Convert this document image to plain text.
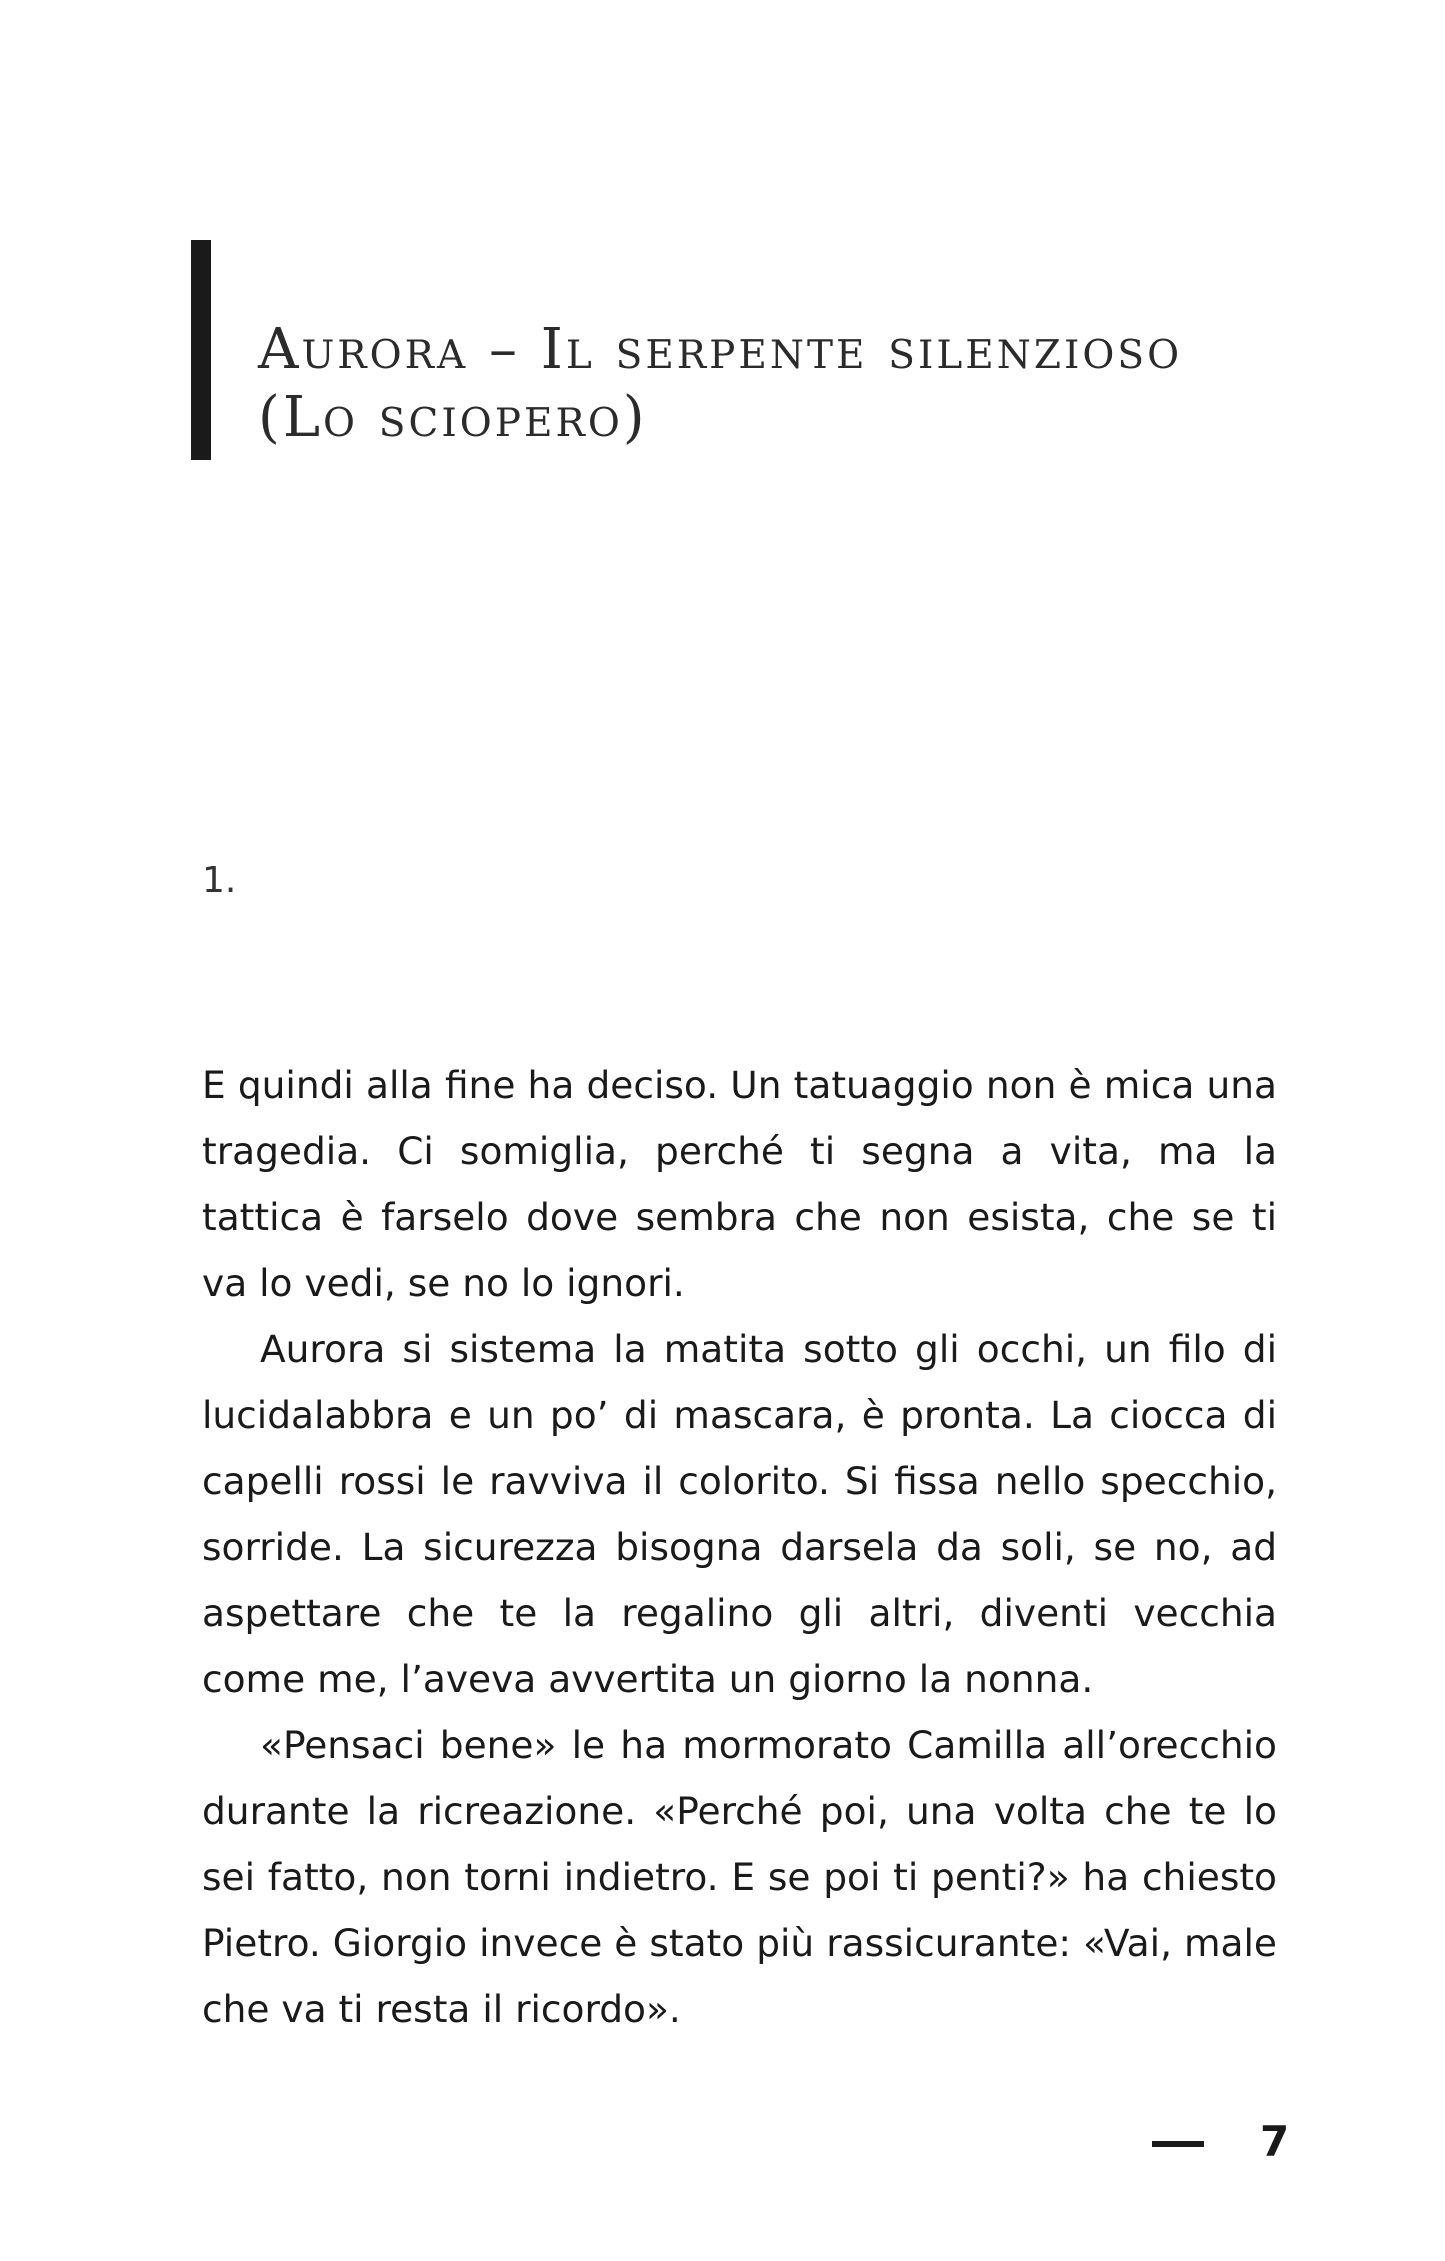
Aurora – Il serpente silenzioso (Lo sciopero)

1.

E quindi alla fine ha deciso. Un tatuaggio non è mica una tragedia. Ci somiglia, perché ti segna a vita, ma la tattica è farselo dove sembra che non esista, che se ti va lo vedi, se no lo ignori.

Aurora si sistema la matita sotto gli occhi, un filo di lucidalabbra e un po’ di mascara, è pronta. La ciocca di capelli rossi le ravviva il colorito. Si fissa nello specchio, sorride. La sicurezza bisogna darsela da soli, se no, ad aspettare che te la regalino gli altri, diventi vecchia come me, l’aveva avvertita un giorno la nonna.

«Pensaci bene» le ha mormorato Camilla all’orecchio durante la ricreazione. «Perché poi, una volta che te lo sei fatto, non torni indietro. E se poi ti penti?» ha chiesto Pietro. Giorgio invece è stato più rassicurante: «Vai, male che va ti resta il ricordo».

7
